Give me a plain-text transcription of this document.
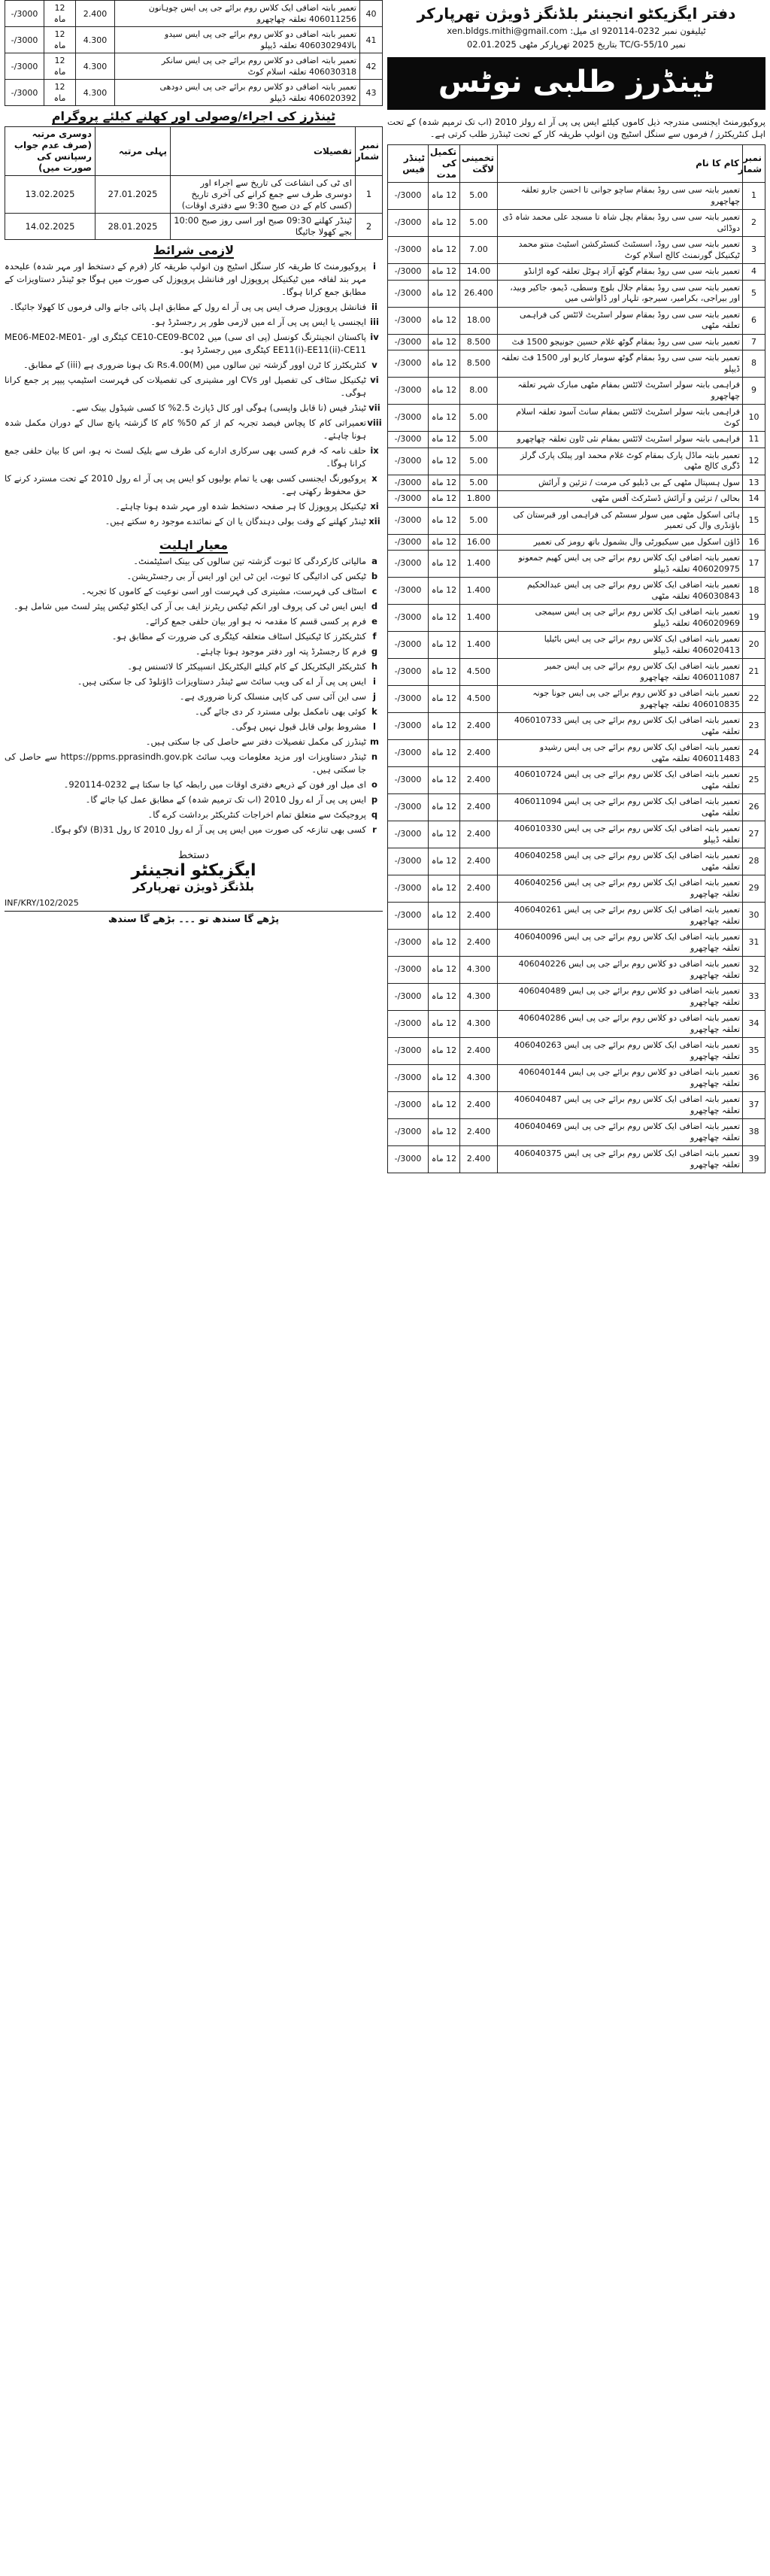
40	تعمیر بابتہ اضافی ایک کلاس روم برائے جی پی ایس چوہانون 406011256 تعلقہ چھاچھرو	2.400	12 ماہ	3000/-
41	تعمیر بابتہ اضافی دو کلاس روم برائے جی پی ایس سیدو بالا406030294 تعلقہ ڈیپلو	4.300	12 ماہ	3000/-
42	تعمیر بابتہ اضافی دو کلاس روم برائے جی پی ایس سانکر 406030318 تعلقہ اسلام کوٹ	4.300	12 ماہ	3000/-
43	تعمیر بابتہ اضافی دو کلاس روم برائے جی پی ایس دودھی 406020392 تعلقہ ڈیپلو	4.300	12 ماہ	3000/-
ٹینڈرز کی اجراء/وصولی اور کھلنے کیلئے پروگرام
نمبر شمار	تفصیلات	پہلی مرتبہ	دوسری مرتبہ (صرف عدم جواب رسپانس کی صورت میں)
1	ای ٹی کی انشاعت کی تاریخ سے اجراء اور دوسری طرف سے جمع کرانے کی آخری تاریخ (کسی کام کے دن صبح 9:30 سے دفتری اوقات)	27.01.2025	13.02.2025
2	ٹینڈر کھلنے 09:30 صبح اور اسی روز صبح 10:00 بجے کھولا جائیگا	28.01.2025	14.02.2025
لازمی شرائط
i
پروکیورمنٹ کا طریقہ کار سنگل اسٹیج ون انولپ طریقہ کار (فرم کے دستخط اور مہر شدہ) علیحدہ مہر بند لفافہ میں ٹیکنیکل پروپوزل اور فنانشل پروپوزل کی صورت میں ہوگا جو ٹینڈر دستاویزات کے مطابق جمع کرانا ہوگا۔
ii
فنانشل پروپوزل صرف ایس پی پی آر اے رول کے مطابق اہل پائی جانے والی فرموں کا کھولا جائیگا۔
iii
ایجنسی یا ایس پی پی آر اے میں لازمی طور پر رجسٹرڈ ہو۔
iv
پاکستان انجینئرنگ کونسل (پی ای سی) میں CE10-CE09-BC02 کیٹگری اور ME06-ME02-ME01-EE11(i)-EE11(ii)-CE11 کیٹگری میں رجسٹرڈ ہو۔
v
کنٹریکٹرز کا ٹرن اوور گزشتہ تین سالوں میں Rs.4.00(M) تک ہونا ضروری ہے (iii) کے مطابق۔
vi
ٹیکنیکل سٹاف کی تفصیل اور CVs اور مشینری کی تفصیلات کی فہرست اسٹیمپ پیپر پر جمع کرانا ہوگی۔
vii
ٹینڈر فیس (نا قابل واپسی) ہوگی اور کال ڈپازٹ 2.5% کا کسی شیڈول بینک سے۔
viii
تعمیراتی کام کا پچاس فیصد تجربہ کم از کم 50% کام کا گزشتہ پانچ سال کے دوران مکمل شدہ ہونا چاہئے۔
ix
حلف نامہ کہ فرم کسی بھی سرکاری ادارے کی طرف سے بلیک لسٹ نہ ہو، اس کا بیان حلفی جمع کرانا ہوگا۔
x
پروکیورنگ ایجنسی کسی بھی یا تمام بولیوں کو ایس پی پی آر اے رول 2010 کے تحت مسترد کرنے کا حق محفوظ رکھتی ہے۔
xi
ٹیکنیکل پروپوزل کا ہر صفحہ دستخط شدہ اور مہر شدہ ہونا چاہئے۔
xii
ٹینڈر کھلنے کے وقت بولی دہندگان یا ان کے نمائندے موجود رہ سکتے ہیں۔
معیار اہلیت
a
مالیاتی کارکردگی کا ثبوت گزشتہ تین سالوں کی بینک اسٹیٹمنٹ۔
b
ٹیکس کی ادائیگی کا ثبوت، این ٹی این اور ایس آر بی رجسٹریشن۔
c
اسٹاف کی فہرست، مشینری کی فہرست اور اسی نوعیت کے کاموں کا تجربہ۔
d
ایس ایس ٹی کی پروف اور انکم ٹیکس ریٹرنز ایف بی آر کی ایکٹو ٹیکس پیئر لسٹ میں شامل ہو۔
e
فرم پر کسی قسم کا مقدمہ نہ ہو اور بیان حلفی جمع کرائے۔
f
کنٹریکٹرز کا ٹیکنیکل اسٹاف متعلقہ کیٹگری کی ضرورت کے مطابق ہو۔
g
فرم کا رجسٹرڈ پتہ اور دفتر موجود ہونا چاہئے۔
h
کنٹریکٹر الیکٹریکل کے کام کیلئے الیکٹریکل انسپیکٹر کا لائسنس ہو۔
i
ایس پی پی آر اے کی ویب سائٹ سے ٹینڈر دستاویزات ڈاؤنلوڈ کی جا سکتی ہیں۔
j
سی این آئی سی کی کاپی منسلک کرنا ضروری ہے۔
k
کوئی بھی نامکمل بولی مسترد کر دی جائے گی۔
l
مشروط بولی قابل قبول نہیں ہوگی۔
m
ٹینڈرز کی مکمل تفصیلات دفتر سے حاصل کی جا سکتی ہیں۔
n
ٹینڈر دستاویزات اور مزید معلومات ویب سائٹ https://ppms.pprasindh.gov.pk سے حاصل کی جا سکتی ہیں۔
o
ای میل اور فون کے ذریعے دفتری اوقات میں رابطہ کیا جا سکتا ہے 0232-920114۔
p
ایس پی پی آر اے رول 2010 (اب تک ترمیم شدہ) کے مطابق عمل کیا جائے گا۔
q
پروجیکٹ سے متعلق تمام اخراجات کنٹریکٹر برداشت کرے گا۔
r
کسی بھی تنازعہ کی صورت میں ایس پی پی آر اے رول 2010 کا رول 31(B) لاگو ہوگا۔
دستخط
ایگزیکٹو انجینئر
بلڈنگز ڈویژن تھرپارکر
INF/KRY/102/2025
پڑھے گا سندھ تو ۔۔۔ بڑھے گا سندھ
دفتر ایگزیکٹو انجینئر بلڈنگز ڈویژن تھرپارکر
ٹیلیفون نمبر 0232-920114 ای میل: xen.bldgs.mithi@gmail.com
نمبر TC/G-55/10 بتاریخ 2025 تھرپارکر مٹھی 02.01.2025
ٹینڈرز طلبی نوٹس
پروکیورمنٹ ایجنسی مندرجہ ذیل کاموں کیلئے ایس پی پی آر اے رولز 2010 (اب تک ترمیم شدہ) کے تحت اہل کنٹریکٹرز / فرموں سے سنگل اسٹیج ون انولپ طریقہ کار کے تحت ٹینڈرز طلب کرتی ہے۔
نمبر شمار	کام کا نام	تخمینی لاگت	تکمیل کی مدت	ٹینڈر فیس
1	تعمیر بابتہ سی سی روڈ بمقام ساچو جوانی تا احسن جارو تعلقہ چھاچھرو	5.00	12 ماہ	3000/-
2	تعمیر بابتہ سی سی روڈ بمقام بچل شاہ تا مسجد علی محمد شاہ ڈی دوڈائی	5.00	12 ماہ	3000/-
3	تعمیر بابتہ سی سی روڈ، اسسٹنٹ کنسٹرکشن اسٹیٹ منتو محمد ٹیکنیکل گورنمنٹ کالج اسلام کوٹ	7.00	12 ماہ	3000/-
4	تعمیر بابتہ سی سی روڈ بمقام گوٹھ آزاد ہوٹل تعلقہ کوہ اڑانڈو	14.00	12 ماہ	3000/-
5	تعمیر بابتہ سی سی روڈ بمقام جلال بلوچ وسطی، ڈیمو، جاکیر وبید، اور بیراجی، بکرامیر، سیرجو، تلہار اور ڈاواشی میں	26.400	12 ماہ	3000/-
6	تعمیر بابتہ سی سی روڈ بمقام سولر اسٹریٹ لائٹس کی فراہمی تعلقہ مٹھی	18.00	12 ماہ	3000/-
7	تعمیر بابتہ سی سی روڈ بمقام گوٹھ غلام حسین جونیجو 1500 فٹ	8.500	12 ماہ	3000/-
8	تعمیر بابتہ سی سی روڈ بمقام گوٹھ سومار کاریو اور 1500 فٹ تعلقہ ڈیپلو	8.500	12 ماہ	3000/-
9	فراہمی بابتہ سولر اسٹریٹ لائٹس بمقام مٹھی مبارک شہر تعلقہ چھاچھرو	8.00	12 ماہ	3000/-
10	فراہمی بابتہ سولر اسٹریٹ لائٹس بمقام سانٹ آسود تعلقہ اسلام کوٹ	5.00	12 ماہ	3000/-
11	فراہمی بابتہ سولر اسٹریٹ لائٹس بمقام نئی ٹاون تعلقہ چھاچھرو	5.00	12 ماہ	3000/-
12	تعمیر بابتہ ماڈل پارک بمقام کوٹ غلام محمد اور پبلک پارک گرلز ڈگری کالج مٹھی	5.00	12 ماہ	3000/-
13	سول ہسپتال مٹھی کے بی ڈبلیو کی مرمت / تزئین و آرائش	5.00	12 ماہ	3000/-
14	بحالی / تزئین و آرائش ڈسٹرکٹ آفس مٹھی	1.800	12 ماہ	3000/-
15	ہائی اسکول مٹھی میں سولر سسٹم کی فراہمی اور قبرستان کی باؤنڈری وال کی تعمیر	5.00	12 ماہ	3000/-
16	ڈاؤن اسکول میں سیکیورٹی وال بشمول باتھ رومز کی تعمیر	16.00	12 ماہ	3000/-
17	تعمیر بابتہ اضافی ایک کلاس روم برائے جی پی ایس کھیم جمعونو 406020975 تعلقہ ڈیپلو	1.400	12 ماہ	3000/-
18	تعمیر بابتہ اضافی ایک کلاس روم برائے جی پی ایس عبدالحکیم 406030843 تعلقہ مٹھی	1.400	12 ماہ	3000/-
19	تعمیر بابتہ اضافی ایک کلاس روم برائے جی پی ایس سیمجی 406020969 تعلقہ ڈیپلو	1.400	12 ماہ	3000/-
20	تعمیر بابتہ اضافی ایک کلاس روم برائے جی پی ایس باٹیلیا 406020413 تعلقہ ڈیپلو	1.400	12 ماہ	3000/-
21	تعمیر بابتہ اضافی ایک کلاس روم برائے جی پی ایس جمیر 406011087 تعلقہ چھاچھرو	4.500	12 ماہ	3000/-
22	تعمیر بابتہ اضافی دو کلاس روم برائے جی پی ایس جونا جونہ 406010835 تعلقہ چھاچھرو	4.500	12 ماہ	3000/-
23	تعمیر بابتہ اضافی ایک کلاس روم برائے جی پی ایس 406010733 تعلقہ مٹھی	2.400	12 ماہ	3000/-
24	تعمیر بابتہ اضافی ایک کلاس روم برائے جی پی ایس رشیدو 406011483 تعلقہ مٹھی	2.400	12 ماہ	3000/-
25	تعمیر بابتہ اضافی ایک کلاس روم برائے جی پی ایس 406010724 تعلقہ مٹھی	2.400	12 ماہ	3000/-
26	تعمیر بابتہ اضافی ایک کلاس روم برائے جی پی ایس 406011094 تعلقہ مٹھی	2.400	12 ماہ	3000/-
27	تعمیر بابتہ اضافی ایک کلاس روم برائے جی پی ایس 406010330 تعلقہ ڈیپلو	2.400	12 ماہ	3000/-
28	تعمیر بابتہ اضافی ایک کلاس روم برائے جی پی ایس 406040258 تعلقہ مٹھی	2.400	12 ماہ	3000/-
29	تعمیر بابتہ اضافی ایک کلاس روم برائے جی پی ایس 406040256 تعلقہ چھاچھرو	2.400	12 ماہ	3000/-
30	تعمیر بابتہ اضافی ایک کلاس روم برائے جی پی ایس 406040261 تعلقہ چھاچھرو	2.400	12 ماہ	3000/-
31	تعمیر بابتہ اضافی ایک کلاس روم برائے جی پی ایس 406040096 تعلقہ چھاچھرو	2.400	12 ماہ	3000/-
32	تعمیر بابتہ اضافی دو کلاس روم برائے جی پی ایس 406040226 تعلقہ چھاچھرو	4.300	12 ماہ	3000/-
33	تعمیر بابتہ اضافی دو کلاس روم برائے جی پی ایس 406040489 تعلقہ چھاچھرو	4.300	12 ماہ	3000/-
34	تعمیر بابتہ اضافی دو کلاس روم برائے جی پی ایس 406040286 تعلقہ چھاچھرو	4.300	12 ماہ	3000/-
35	تعمیر بابتہ اضافی ایک کلاس روم برائے جی پی ایس 406040263 تعلقہ چھاچھرو	2.400	12 ماہ	3000/-
36	تعمیر بابتہ اضافی دو کلاس روم برائے جی پی ایس 406040144 تعلقہ چھاچھرو	4.300	12 ماہ	3000/-
37	تعمیر بابتہ اضافی ایک کلاس روم برائے جی پی ایس 406040487 تعلقہ چھاچھرو	2.400	12 ماہ	3000/-
38	تعمیر بابتہ اضافی ایک کلاس روم برائے جی پی ایس 406040469 تعلقہ چھاچھرو	2.400	12 ماہ	3000/-
39	تعمیر بابتہ اضافی ایک کلاس روم برائے جی پی ایس 406040375 تعلقہ چھاچھرو	2.400	12 ماہ	3000/-
